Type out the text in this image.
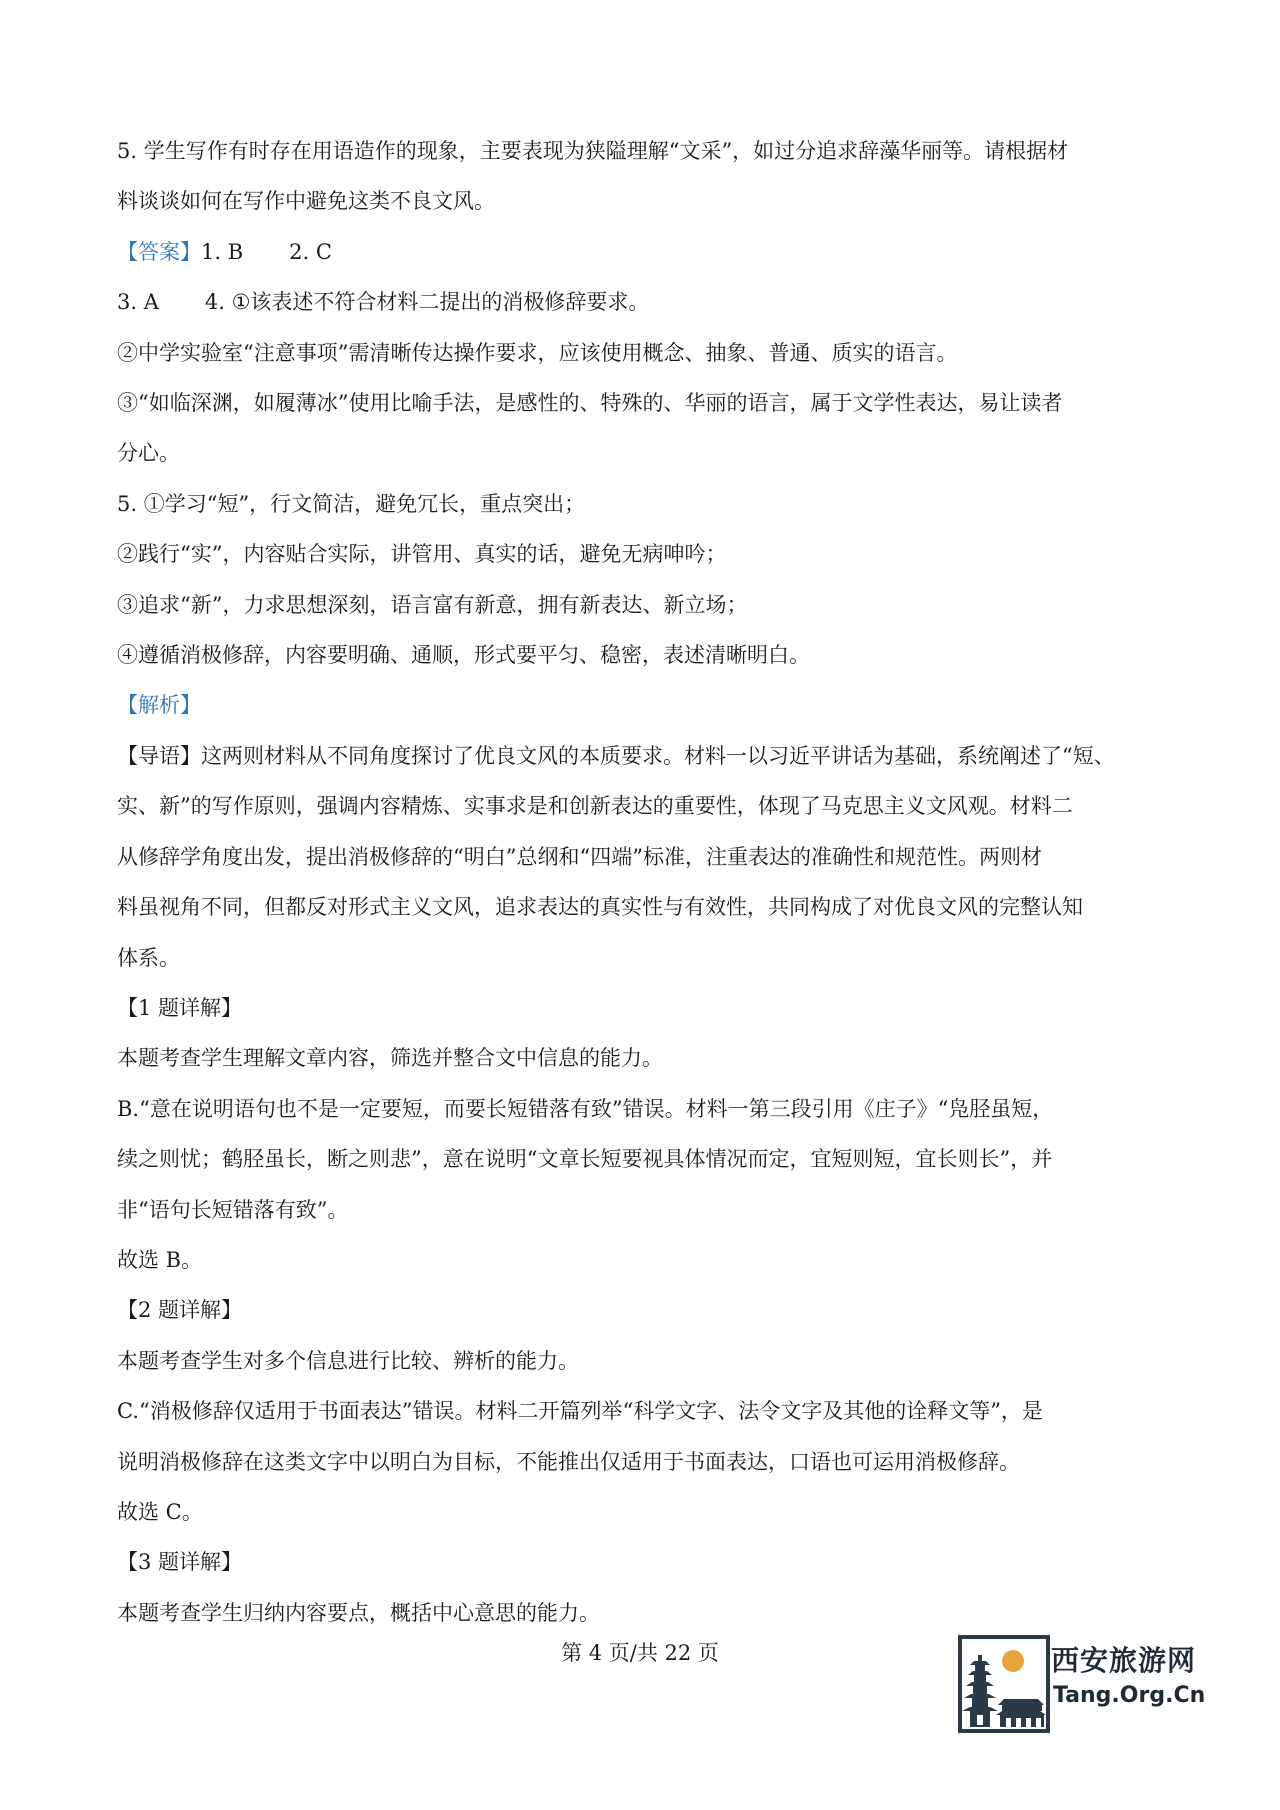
5. 学生写作有时存在用语造作的现象，主要表现为狭隘理解“文采”，如过分追求辞藻华丽等。请根据材

料谈谈如何在写作中避免这类不良文风。

【答案】1. B 2. C

3. A 4. ①该表述不符合材料二提出的消极修辞要求。

②中学实验室“注意事项”需清晰传达操作要求，应该使用概念、抽象、普通、质实的语言。

③“如临深渊，如履薄冰”使用比喻手法，是感性的、特殊的、华丽的语言，属于文学性表达，易让读者

分心。

5. ①学习“短”，行文简洁，避免冗长，重点突出；

②践行“实”，内容贴合实际，讲管用、真实的话，避免无病呻吟；

③追求“新”，力求思想深刻，语言富有新意，拥有新表达、新立场；

④遵循消极修辞，内容要明确、通顺，形式要平匀、稳密，表述清晰明白。

【解析】

【导语】这两则材料从不同角度探讨了优良文风的本质要求。材料一以习近平讲话为基础，系统阐述了“短、

实、新”的写作原则，强调内容精炼、实事求是和创新表达的重要性，体现了马克思主义文风观。材料二

从修辞学角度出发，提出消极修辞的“明白”总纲和“四端”标准，注重表达的准确性和规范性。两则材

料虽视角不同，但都反对形式主义文风，追求表达的真实性与有效性，共同构成了对优良文风的完整认知

体系。

【1 题详解】

本题考查学生理解文章内容，筛选并整合文中信息的能力。

B.“意在说明语句也不是一定要短，而要长短错落有致”错误。材料一第三段引用《庄子》“凫胫虽短，

续之则忧；鹤胫虽长，断之则悲”，意在说明“文章长短要视具体情况而定，宜短则短，宜长则长”，并

非“语句长短错落有致”。

故选 B。

【2 题详解】

本题考查学生对多个信息进行比较、辨析的能力。

C.“消极修辞仅适用于书面表达”错误。材料二开篇列举“科学文字、法令文字及其他的诠释文等”，是

说明消极修辞在这类文字中以明白为目标，不能推出仅适用于书面表达，口语也可运用消极修辞。

故选 C。

【3 题详解】

本题考查学生归纳内容要点，概括中心意思的能力。

第 4 页/共 22 页	西安旅游网
Tang.Org.Cn
